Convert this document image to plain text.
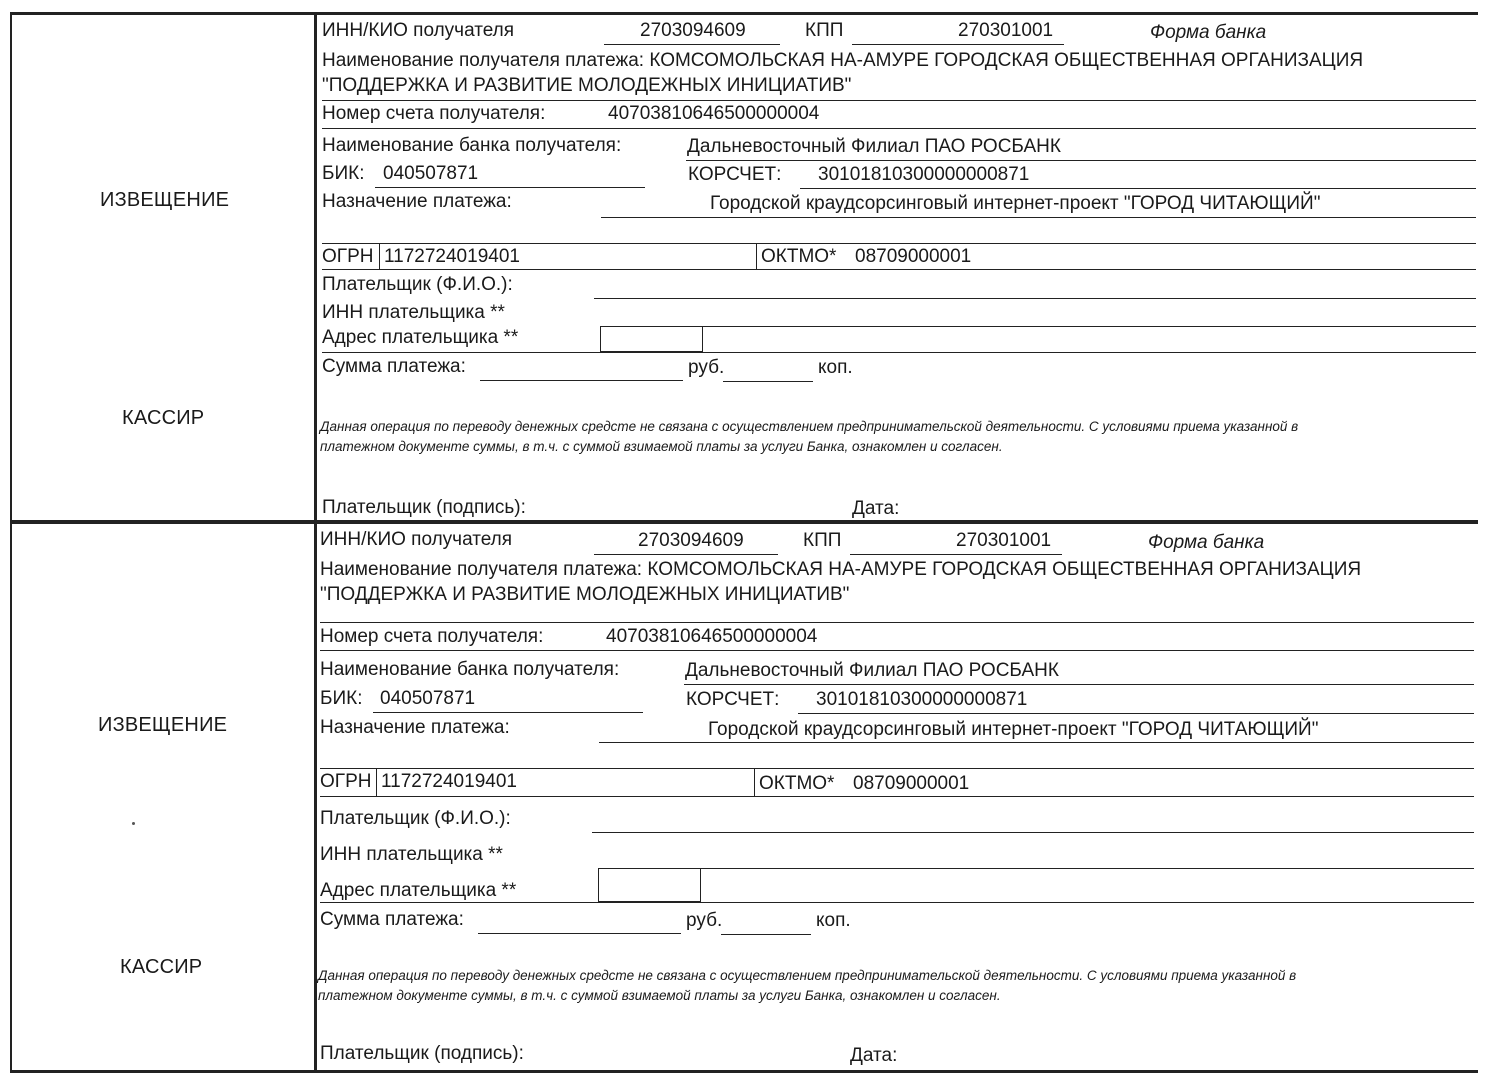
ИЗВЕЩЕНИЕ
КАССИР
ИНН/КИО получателя	2703094609	КПП	270301001	Форма банка
Наименование получателя платежа: КОМСОМОЛЬСКАЯ НА-АМУРЕ ГОРОДСКАЯ ОБЩЕСТВЕННАЯ ОРГАНИЗАЦИЯ
"ПОДДЕРЖКА И РАЗВИТИЕ МОЛОДЕЖНЫХ ИНИЦИАТИВ"
Номер счета получателя:	40703810646500000004
Наименование банка получателя:	Дальневосточный Филиал ПАО РОСБАНК
БИК: 040507871	КОРСЧЕТ: 30101810300000000871
Назначение платежа:	Городской краудсорсинговый интернет-проект "ГОРОД ЧИТАЮЩИЙ"
ОГРН 1172724019401	ОКТМО* 08709000001
Плательщик (Ф.И.О.):
ИНН плательщика **
Адрес плательщика **
Сумма платежа:	руб.	коп.
Данная операция по переводу денежных средстe не связана с осуществлением предпринимательской деятельности. С условиями приема указанной в
платежном документе суммы, в т.ч. с суммой взимаемой платы за услуги Банка, ознакомлен и согласен.
Плательщик (подпись):	Дата:
ИЗВЕЩЕНИЕ
КАССИР
ИНН/КИО получателя	2703094609	КПП	270301001	Форма банка
Наименование получателя платежа: КОМСОМОЛЬСКАЯ НА-АМУРЕ ГОРОДСКАЯ ОБЩЕСТВЕННАЯ ОРГАНИЗАЦИЯ
"ПОДДЕРЖКА И РАЗВИТИЕ МОЛОДЕЖНЫХ ИНИЦИАТИВ"
Номер счета получателя:	40703810646500000004
Наименование банка получателя:	Дальневосточный Филиал ПАО РОСБАНК
БИК: 040507871	КОРСЧЕТ: 30101810300000000871
Назначение платежа:	Городской краудсорсинговый интернет-проект "ГОРОД ЧИТАЮЩИЙ"
ОГРН 1172724019401	ОКТМО* 08709000001
Плательщик (Ф.И.О.):
ИНН плательщика **
Адрес плательщика **
Сумма платежа:	руб.	коп.
Данная операция по переводу денежных средстe не связана с осуществлением предпринимательской деятельности. С условиями приема указанной в
платежном документе суммы, в т.ч. с суммой взимаемой платы за услуги Банка, ознакомлен и согласен.
Плательщик (подпись):	Дата:
